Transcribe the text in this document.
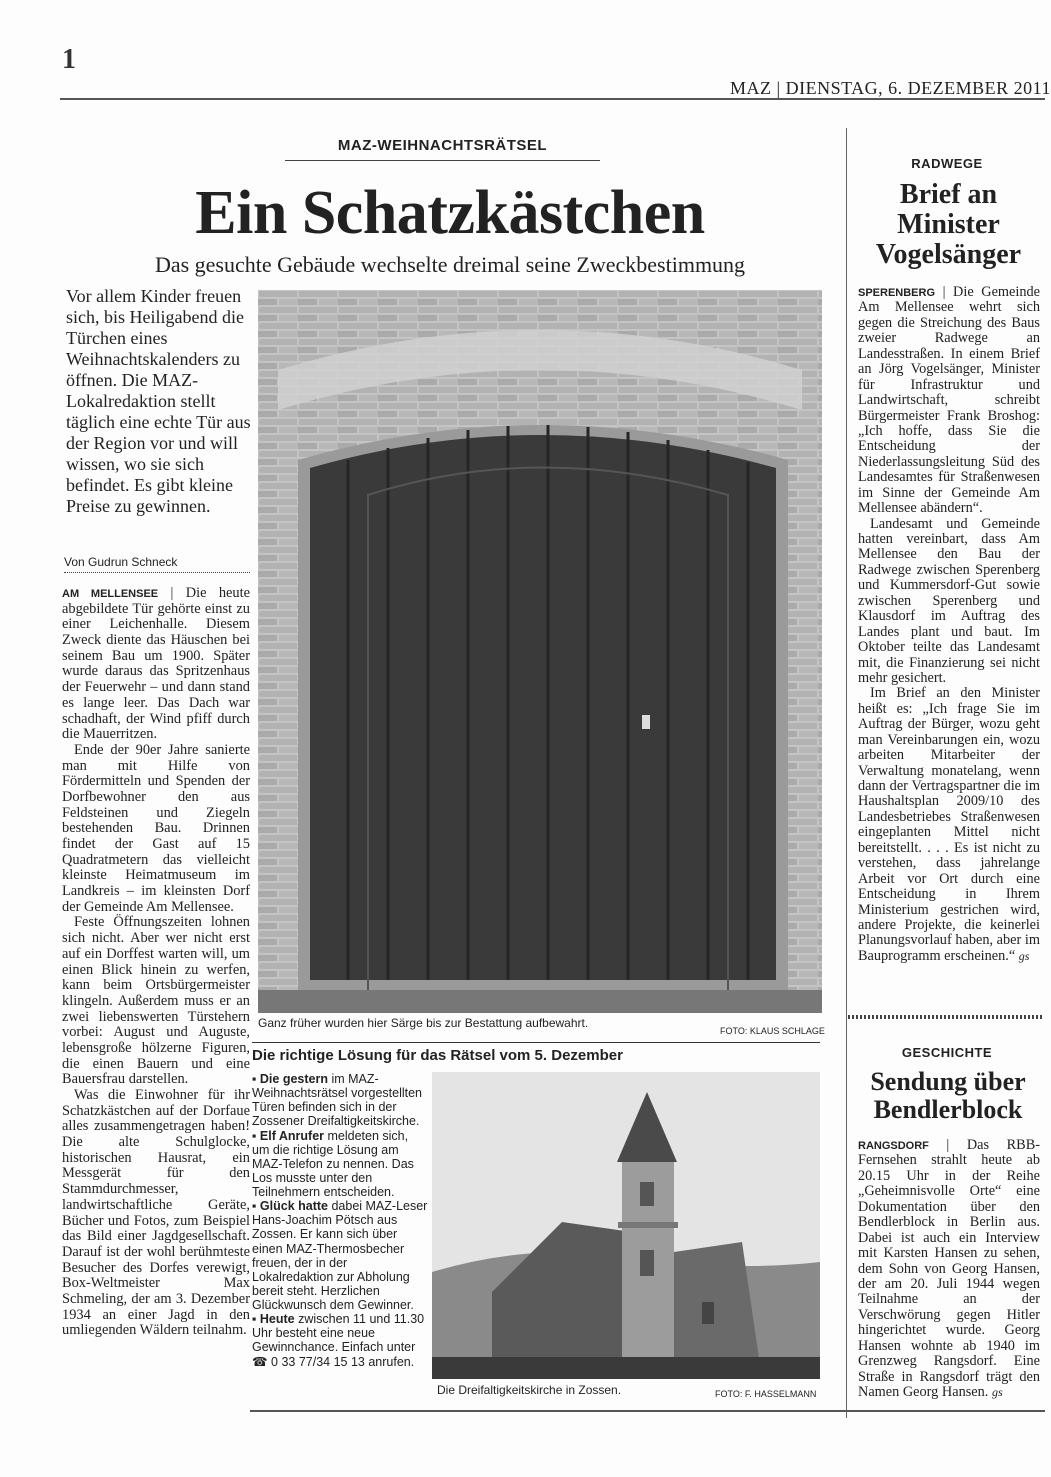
1
MAZ | DIENSTAG, 6. DEZEMBER 2011
MAZ-WEIHNACHTSRÄTSEL
Ein Schatzkästchen
Das gesuchte Gebäude wechselte dreimal seine Zweckbestimmung
Vor allem Kinder freuen sich, bis Heiligabend die Türchen eines Weihnachtskalenders zu öffnen. Die MAZ-Lokalredaktion stellt täglich eine echte Tür aus der Region vor und will wissen, wo sie sich befindet. Es gibt kleine Preise zu gewinnen.
Von Gudrun Schneck

AM MELLENSEE | Die heute abgebildete Tür gehörte einst zu einer Leichenhalle. Diesem Zweck diente das Häuschen bei seinem Bau um 1900. Später wurde daraus das Spritzenhaus der Feuerwehr – und dann stand es lange leer. Das Dach war schadhaft, der Wind pfiff durch die Mauerritzen.

Ende der 90er Jahre sanierte man mit Hilfe von Fördermitteln und Spenden der Dorfbewohner den aus Feldsteinen und Ziegeln bestehenden Bau. Drinnen findet der Gast auf 15 Quadratmetern das vielleicht kleinste Heimatmuseum im Landkreis – im kleinsten Dorf der Gemeinde Am Mellensee.

Feste Öffnungszeiten lohnen sich nicht. Aber wer nicht erst auf ein Dorffest warten will, um einen Blick hinein zu werfen, kann beim Ortsbürgermeister klingeln. Außerdem muss er an zwei liebenswerten Türstehern vorbei: August und Auguste, lebensgroße hölzerne Figuren, die einen Bauern und eine Bauersfrau darstellen.

Was die Einwohner für ihr Schatzkästchen auf der Dorfaue alles zusammengetragen haben! Die alte Schulglocke, historischen Hausrat, ein Messgerät für den Stammdurchmesser, landwirtschaftliche Geräte, Bücher und Fotos, zum Beispiel das Bild einer Jagdgesellschaft. Darauf ist der wohl berühmteste Besucher des Dorfes verewigt, Box-Weltmeister Max Schmeling, der am 3. Dezember 1934 an einer Jagd in den umliegenden Wäldern teilnahm.

Ganz früher wurden hier Särge bis zur Bestattung aufbewahrt.
FOTO: KLAUS SCHLAGE
Die richtige Lösung für das Rätsel vom 5. Dezember

▪ Die gestern im MAZ-Weihnachtsrätsel vorgestellten Türen befinden sich in der Zossener Dreifaltigkeitskirche.

▪ Elf Anrufer meldeten sich, um die richtige Lösung am MAZ-Telefon zu nennen. Das Los musste unter den Teilnehmern entscheiden.

▪ Glück hatte dabei MAZ-Leser Hans-Joachim Pötsch aus Zossen. Er kann sich über einen MAZ-Thermosbecher freuen, der in der Lokalredaktion zur Abholung bereit steht. Herzlichen Glückwunsch dem Gewinner.

▪ Heute zwischen 11 und 11.30 Uhr besteht eine neue Gewinnchance. Einfach unter

☎ 0 33 77/34 15 13 anrufen.

Die Dreifaltigkeitskirche in Zossen.	FOTO: F. HASSELMANN
RADWEGE
Brief an Minister Vogelsänger

SPERENBERG | Die Gemeinde Am Mellensee wehrt sich gegen die Streichung des Baus zweier Radwege an Landesstraßen. In einem Brief an Jörg Vogelsänger, Minister für Infrastruktur und Landwirtschaft, schreibt Bürgermeister Frank Broshog: „Ich hoffe, dass Sie die Entscheidung der Niederlassungsleitung Süd des Landesamtes für Straßenwesen im Sinne der Gemeinde Am Mellensee abändern“.

Landesamt und Gemeinde hatten vereinbart, dass Am Mellensee den Bau der Radwege zwischen Sperenberg und Kummersdorf-Gut sowie zwischen Sperenberg und Klausdorf im Auftrag des Landes plant und baut. Im Oktober teilte das Landesamt mit, die Finanzierung sei nicht mehr gesichert.

Im Brief an den Minister heißt es: „Ich frage Sie im Auftrag der Bürger, wozu geht man Vereinbarungen ein, wozu arbeiten Mitarbeiter der Verwaltung monatelang, wenn dann der Vertragspartner die im Haushaltsplan 2009/10 des Landesbetriebes Straßenwesen eingeplanten Mittel nicht bereitstellt. . . . Es ist nicht zu verstehen, dass jahrelange Arbeit vor Ort durch eine Entscheidung in Ihrem Ministerium gestrichen wird, andere Projekte, die keinerlei Planungsvorlauf haben, aber im Bauprogramm erscheinen.“ gs

GESCHICHTE
Sendung über Bendlerblock

RANGSDORF | Das RBB-Fernsehen strahlt heute ab 20.15 Uhr in der Reihe „Geheimnisvolle Orte“ eine Dokumentation über den Bendlerblock in Berlin aus. Dabei ist auch ein Interview mit Karsten Hansen zu sehen, dem Sohn von Georg Hansen, der am 20. Juli 1944 wegen Teilnahme an der Verschwörung gegen Hitler hingerichtet wurde. Georg Hansen wohnte ab 1940 im Grenzweg Rangsdorf. Eine Straße in Rangsdorf trägt den Namen Georg Hansen. gs
